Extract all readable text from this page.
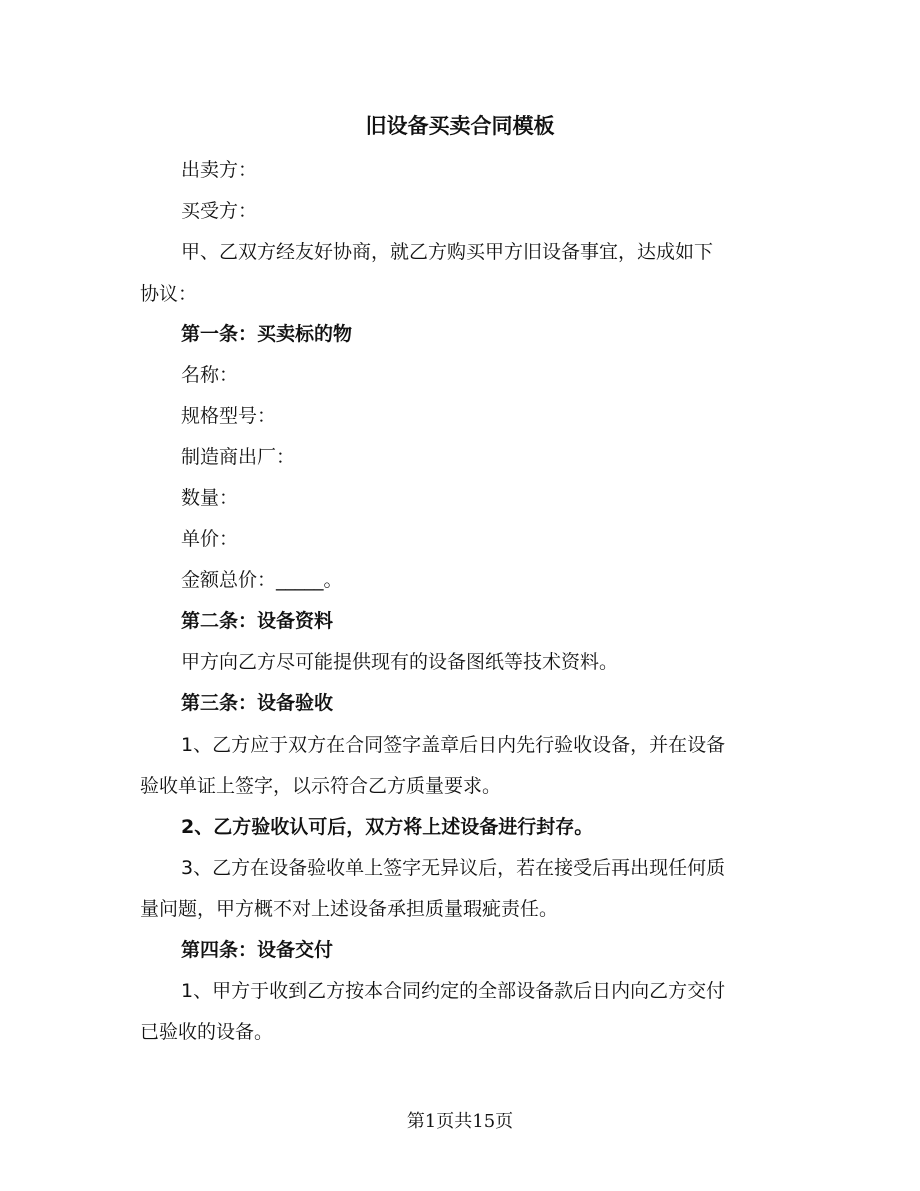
旧设备买卖合同模板

出卖方：

买受方：

甲、乙双方经友好协商，就乙方购买甲方旧设备事宜，达成如下

协议：

第一条：买卖标的物

名称：

规格型号：

制造商出厂：

数量：

单价：

金额总价：_____。

第二条：设备资料

甲方向乙方尽可能提供现有的设备图纸等技术资料。

第三条：设备验收

1、乙方应于双方在合同签字盖章后日内先行验收设备，并在设备

验收单证上签字，以示符合乙方质量要求。

2、乙方验收认可后，双方将上述设备进行封存。

3、乙方在设备验收单上签字无异议后，若在接受后再出现任何质

量问题，甲方概不对上述设备承担质量瑕疵责任。

第四条：设备交付

1、甲方于收到乙方按本合同约定的全部设备款后日内向乙方交付

已验收的设备。

第1页共15页
